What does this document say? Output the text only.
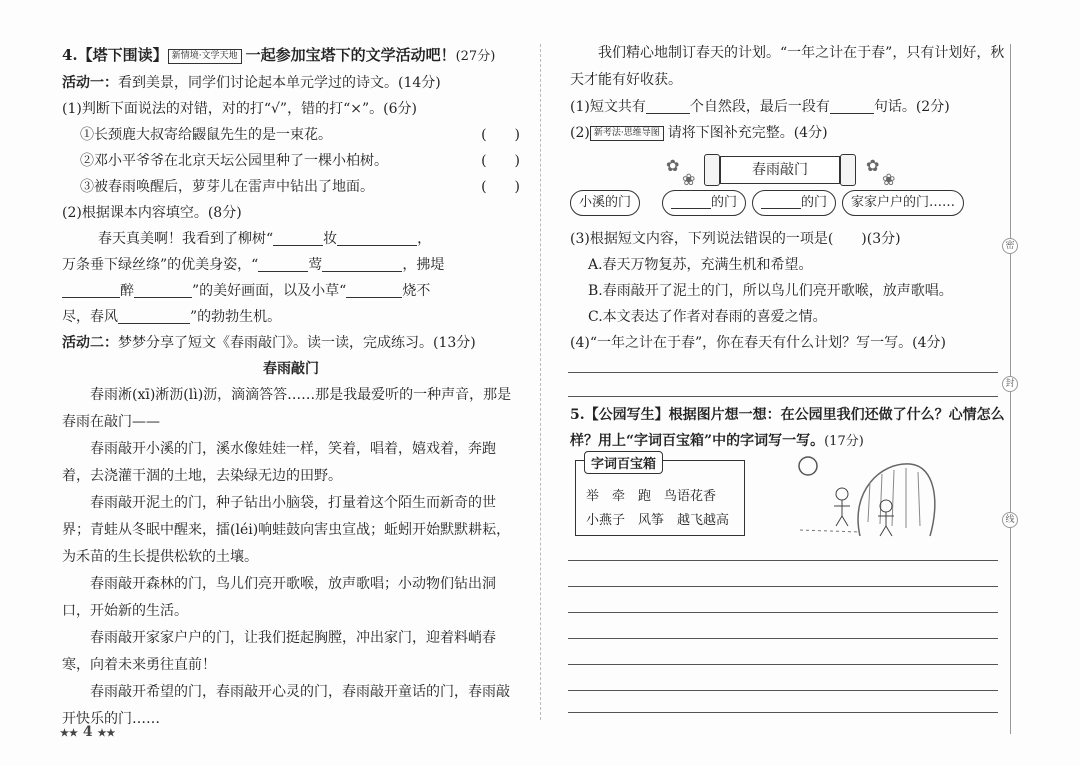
4.【塔下围读】 新情境·文学天地 一起参加宝塔下的文学活动吧！(27分)
活动一：看到美景，同学们讨论起本单元学过的诗文。(14分)
(1)判断下面说法的对错，对的打“√”，错的打“×”。(6分)
①长颈鹿大叔寄给鼹鼠先生的是一束花。	(　　)
②邓小平爷爷在北京天坛公园里种了一棵小柏树。	(　　)
③被春雨唤醒后，萝芽儿在雷声中钻出了地面。	(　　)
(2)根据课本内容填空。(8分)
春天真美啊！我看到了柳树“	妆	，
万条垂下绿丝绦”的优美身姿，“	莺	，拂堤
醉	”的美好画面，以及小草“	烧不
尽，春风	”的勃勃生机。
活动二：梦梦分享了短文《春雨敲门》。读一读，完成练习。(13分)
春雨敲门

春雨淅(xī)淅沥(lì)沥，滴滴答答……那是我最爱听的一种声音，那是春雨在敲门——

春雨敲开小溪的门，溪水像娃娃一样，笑着，唱着，嬉戏着，奔跑着，去浇灌干涸的土地，去染绿无边的田野。

春雨敲开泥土的门，种子钻出小脑袋，打量着这个陌生而新奇的世界；青蛙从冬眠中醒来，擂(léi)响蛙鼓向害虫宣战；蚯蚓开始默默耕耘，为禾苗的生长提供松软的土壤。

春雨敲开森林的门，鸟儿们亮开歌喉，放声歌唱；小动物们钻出洞口，开始新的生活。

春雨敲开家家户户的门，让我们挺起胸膛，冲出家门，迎着料峭春寒，向着未来勇往直前！

春雨敲开希望的门，春雨敲开心灵的门，春雨敲开童话的门，春雨敲开快乐的门……

我们精心地制订春天的计划。“一年之计在于春”，只有计划好，秋天才能有好收获。

(1)短文共有	个自然段，最后一段有	句话。(2分)
(2) 新考法·思维导图 请将下图补充完整。(4分)
✿
❀
✿
❀
春雨敲门
小溪的门	的门	的门	家家户户的门……
(3)根据短文内容，下列说法错误的一项是(　　)(3分)
A.春天万物复苏，充满生机和希望。
B.春雨敲开了泥土的门，所以鸟儿们亮开歌喉，放声歌唱。
C.本文表达了作者对春雨的喜爱之情。
(4)“一年之计在于春”，你在春天有什么计划？写一写。(4分)
5.【公园写生】根据图片想一想：在公园里我们还做了什么？心情怎么样？用上“字词百宝箱”中的字词写一写。(17分)
字词百宝箱
举　牵　跑　鸟语花香
小燕子　风筝　越飞越高
密
封
线
★★ 4 ★★
